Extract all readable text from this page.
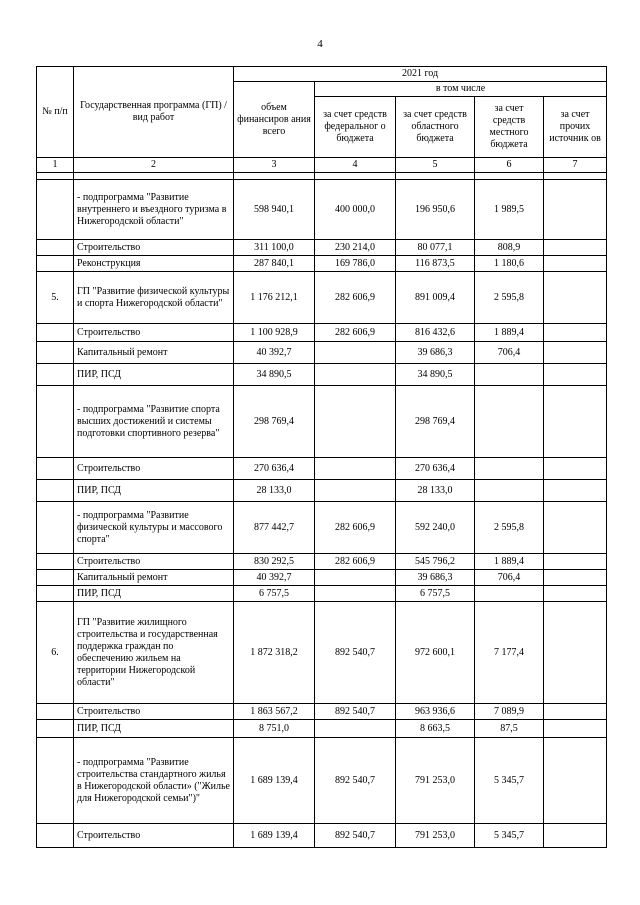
4
№ п/п	Государственная программа (ГП) / вид работ	2021 год				
		объем финансиров ания всего	в том числе			
			за счет средств федеральног о бюджета	за счет средств областного бюджета	за счет средств местного бюджета	за счет прочих источник ов
1	2	3	4	5	6	7

	- подпрограмма "Развитие внутреннего и въездного туризма в Нижегородской области"	598 940,1	400 000,0	196 950,6	1 989,5	
	Строительство	311 100,0	230 214,0	80 077,1	808,9	
	Реконструкция	287 840,1	169 786,0	116 873,5	1 180,6	
5.	ГП "Развитие физической культуры и спорта Нижегородской области"	1 176 212,1	282 606,9	891 009,4	2 595,8	
	Строительство	1 100 928,9	282 606,9	816 432,6	1 889,4	
	Капитальный ремонт	40 392,7		39 686,3	706,4	
	ПИР, ПСД	34 890,5		34 890,5		
	- подпрограмма "Развитие спорта высших достижений и системы подготовки спортивного резерва"	298 769,4		298 769,4		
	Строительство	270 636,4		270 636,4		
	ПИР, ПСД	28 133,0		28 133,0		
	- подпрограмма "Развитие физической культуры и массового спорта"	877 442,7	282 606,9	592 240,0	2 595,8	
	Строительство	830 292,5	282 606,9	545 796,2	1 889,4	
	Капитальный ремонт	40 392,7		39 686,3	706,4	
	ПИР, ПСД	6 757,5		6 757,5		
6.	ГП "Развитие жилищного строительства и государственная поддержка граждан по обеспечению жильем на территории Нижегородской области"	1 872 318,2	892 540,7	972 600,1	7 177,4	
	Строительство	1 863 567,2	892 540,7	963 936,6	7 089,9	
	ПИР, ПСД	8 751,0		8 663,5	87,5	
	- подпрограмма "Развитие строительства стандартного жилья в Нижегородской области» ("Жилье для Нижегородской семьи")"	1 689 139,4	892 540,7	791 253,0	5 345,7	
	Строительство	1 689 139,4	892 540,7	791 253,0	5 345,7	
